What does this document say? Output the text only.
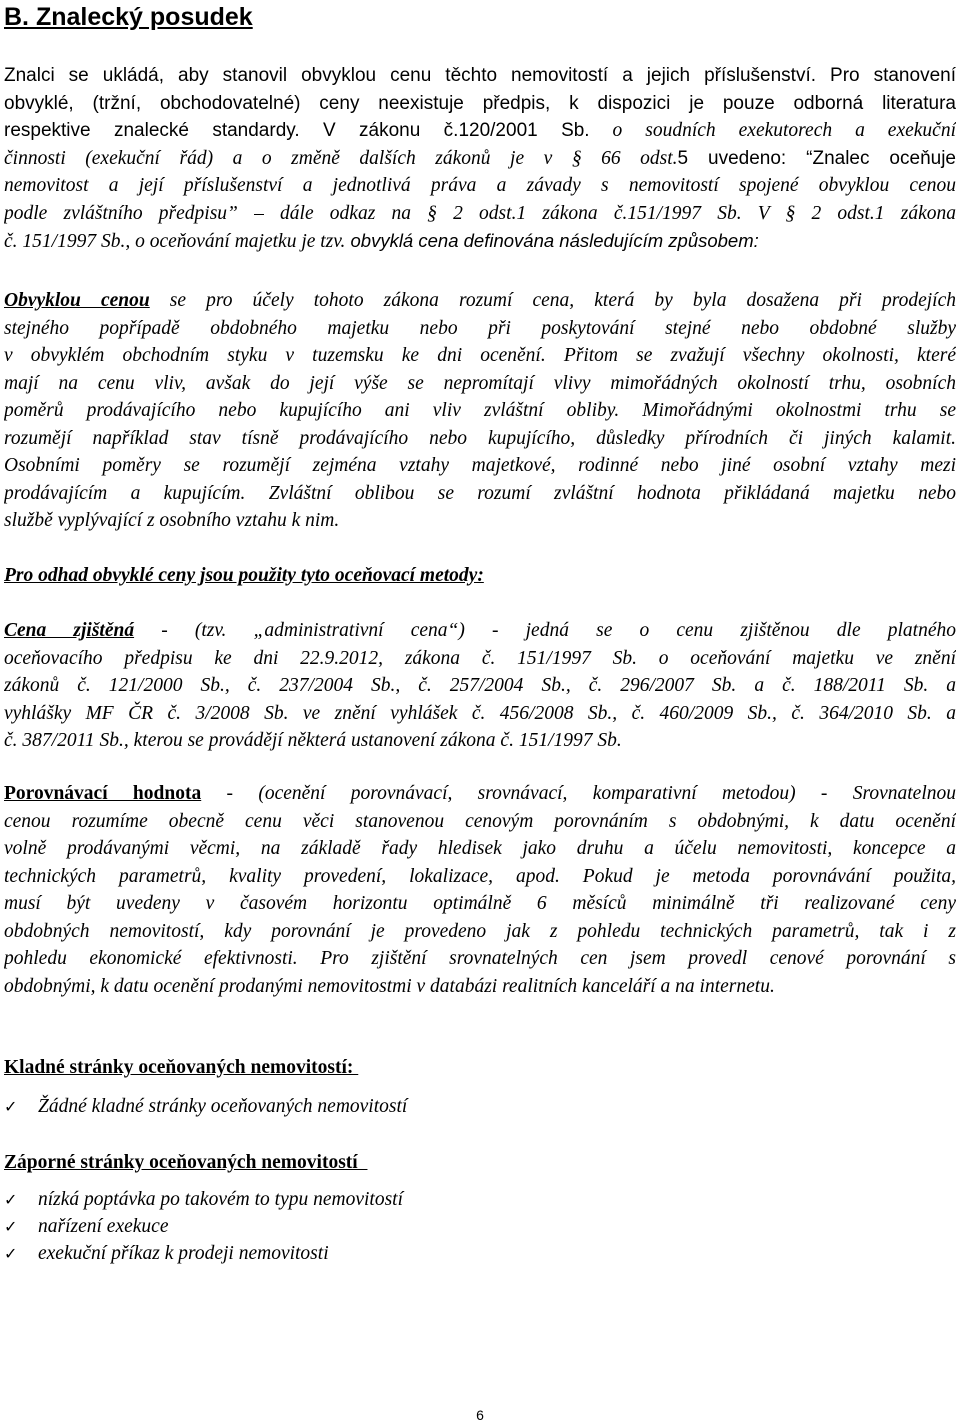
B. Znalecký posudek
Znalci se ukládá, aby stanovil obvyklou cenu těchto nemovitostí a jejich příslušenství. Pro stanovení
obvyklé, (tržní, obchodovatelné) ceny neexistuje předpis, k dispozici je pouze odborná literatura
respektive znalecké standardy. V zákonu č.120/2001 Sb. o soudních exekutorech a exekuční
činnosti (exekuční řád) a o změně dalších zákonů je v § 66 odst.5 uvedeno: “Znalec oceňuje
nemovitost a její příslušenství a jednotlivá práva a závady s nemovitostí spojené obvyklou cenou
podle zvláštního předpisu” – dále odkaz na § 2 odst.1 zákona č.151/1997 Sb. V § 2 odst.1 zákona
č. 151/1997 Sb., o oceňování majetku je tzv. obvyklá cena definována následujícím způsobem:
Obvyklou cenou se pro účely tohoto zákona rozumí cena, která by byla dosažena při prodejích
stejného popřípadě obdobného majetku nebo při poskytování stejné nebo obdobné služby
v obvyklém obchodním styku v tuzemsku ke dni ocenění. Přitom se zvažují všechny okolnosti, které
mají na cenu vliv, avšak do její výše se nepromítají vlivy mimořádných okolností trhu, osobních
poměrů prodávajícího nebo kupujícího ani vliv zvláštní obliby. Mimořádnými okolnostmi trhu se
rozumějí například stav tísně prodávajícího nebo kupujícího, důsledky přírodních či jiných kalamit.
Osobními poměry se rozumějí zejména vztahy majetkové, rodinné nebo jiné osobní vztahy mezi
prodávajícím a kupujícím. Zvláštní oblibou se rozumí zvláštní hodnota přikládaná majetku nebo
službě vyplývající z osobního vztahu k nim.
Pro odhad obvyklé ceny jsou použity tyto oceňovací metody:
Cena zjištěná - (tzv. „administrativní cena“) - jedná se o cenu zjištěnou dle platného
oceňovacího předpisu ke dni 22.9.2012, zákona č. 151/1997 Sb. o oceňování majetku ve znění
zákonů č. 121/2000 Sb., č. 237/2004 Sb., č. 257/2004 Sb., č. 296/2007 Sb. a č. 188/2011 Sb. a
vyhlášky MF ČR č. 3/2008 Sb. ve znění vyhlášek č. 456/2008 Sb., č. 460/2009 Sb., č. 364/2010 Sb. a
č. 387/2011 Sb., kterou se provádějí některá ustanovení zákona č. 151/1997 Sb.
Porovnávací hodnota - (ocenění porovnávací, srovnávací, komparativní metodou) - Srovnatelnou
cenou rozumíme obecně cenu věci stanovenou cenovým porovnáním s obdobnými, k datu ocenění
volně prodávanými věcmi, na základě řady hledisek jako druhu a účelu nemovitosti, koncepce a
technických parametrů, kvality provedení, lokalizace, apod. Pokud je metoda porovnávání použita,
musí být uvedeny v časovém horizontu optimálně 6 měsíců minimálně tři realizované ceny
obdobných nemovitostí, kdy porovnání je provedeno jak z pohledu technických parametrů, tak i z
pohledu ekonomické efektivnosti. Pro zjištění srovnatelných cen jsem provedl cenové porovnání s
obdobnými, k datu ocenění prodanými nemovitostmi v databázi realitních kanceláří a na internetu.
Kladné stránky oceňovaných nemovitostí:
✓	Žádné kladné stránky oceňovaných nemovitostí
Záporné stránky oceňovaných nemovitostí
✓	nízká poptávka po takovém to typu nemovitostí
✓	nařízení exekuce
✓	exekuční příkaz k prodeji nemovitosti
6
